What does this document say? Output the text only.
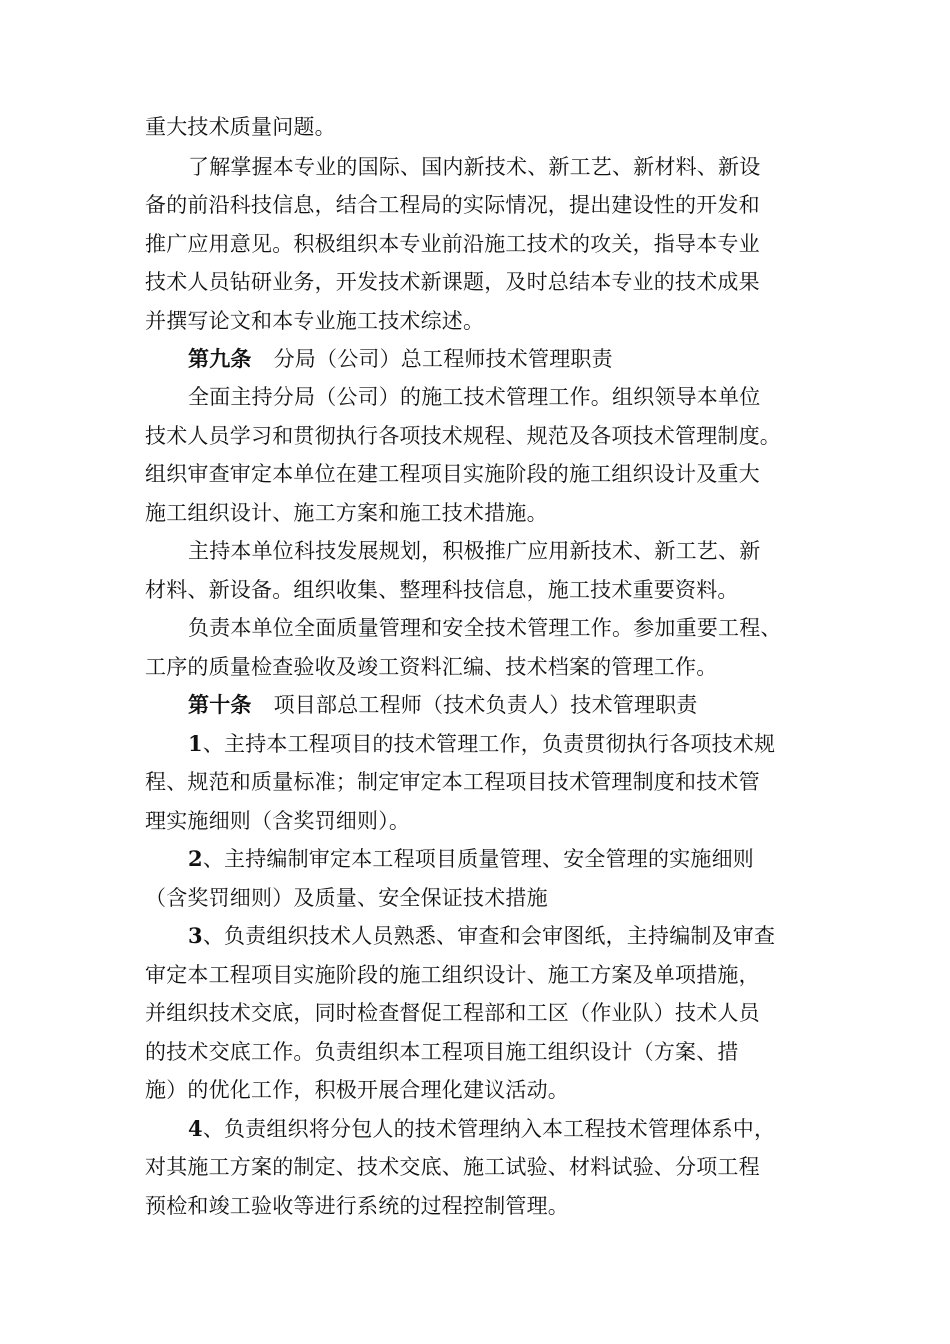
重大技术质量问题。

了解掌握本专业的国际、国内新技术、新工艺、新材料、新设

备的前沿科技信息，结合工程局的实际情况，提出建设性的开发和

推广应用意见。积极组织本专业前沿施工技术的攻关，指导本专业

技术人员钻研业务，开发技术新课题，及时总结本专业的技术成果

并撰写论文和本专业施工技术综述。

第九条 分局（公司）总工程师技术管理职责

全面主持分局（公司）的施工技术管理工作。组织领导本单位

技术人员学习和贯彻执行各项技术规程、规范及各项技术管理制度。

组织审查审定本单位在建工程项目实施阶段的施工组织设计及重大

施工组织设计、施工方案和施工技术措施。

主持本单位科技发展规划，积极推广应用新技术、新工艺、新

材料、新设备。组织收集、整理科技信息，施工技术重要资料。

负责本单位全面质量管理和安全技术管理工作。参加重要工程、

工序的质量检查验收及竣工资料汇编、技术档案的管理工作。

第十条 项目部总工程师（技术负责人）技术管理职责

1、主持本工程项目的技术管理工作，负责贯彻执行各项技术规

程、规范和质量标准；制定审定本工程项目技术管理制度和技术管

理实施细则（含奖罚细则）。

2、主持编制审定本工程项目质量管理、安全管理的实施细则

（含奖罚细则）及质量、安全保证技术措施

3、负责组织技术人员熟悉、审查和会审图纸，主持编制及审查

审定本工程项目实施阶段的施工组织设计、施工方案及单项措施，

并组织技术交底，同时检查督促工程部和工区（作业队）技术人员

的技术交底工作。负责组织本工程项目施工组织设计（方案、措

施）的优化工作，积极开展合理化建议活动。

4、负责组织将分包人的技术管理纳入本工程技术管理体系中，

对其施工方案的制定、技术交底、施工试验、材料试验、分项工程

预检和竣工验收等进行系统的过程控制管理。
